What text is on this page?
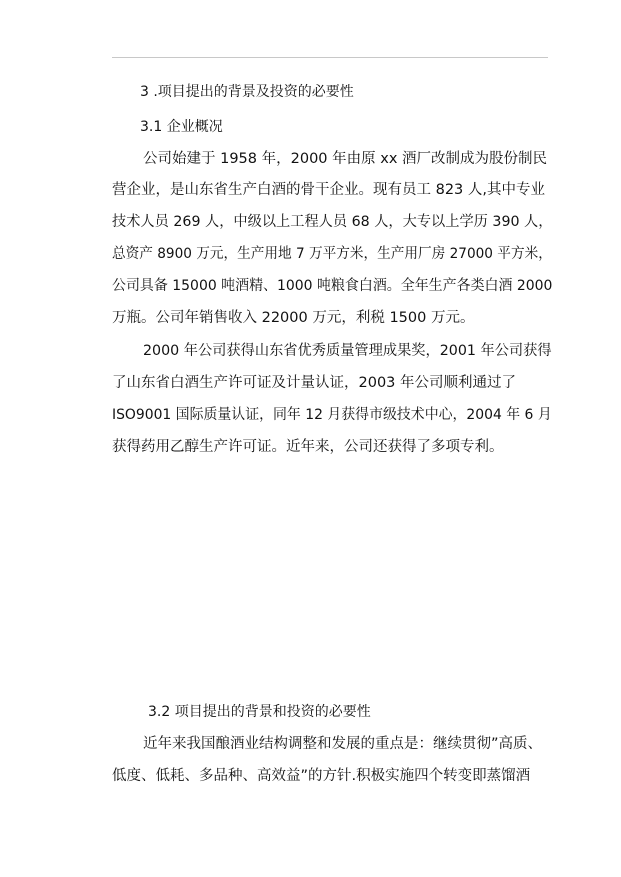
3 .项目提出的背景及投资的必要性
3.1 企业概况
公司始建于 1958 年，2000 年由原 xx 酒厂改制成为股份制民
营企业，是山东省生产白酒的骨干企业。现有员工 823 人,其中专业
技术人员 269 人，中级以上工程人员 68 人，大专以上学历 390 人，
总资产 8900 万元，生产用地 7 万平方米，生产用厂房 27000 平方米，
公司具备 15000 吨酒精、1000 吨粮食白酒。全年生产各类白酒 2000
万瓶。公司年销售收入 22000 万元，利税 1500 万元。
2000 年公司获得山东省优秀质量管理成果奖，2001 年公司获得
了山东省白酒生产许可证及计量认证，2003 年公司顺利通过了
ISO9001 国际质量认证，同年 12 月获得市级技术中心，2004 年 6 月
获得药用乙醇生产许可证。近年来，公司还获得了多项专利。
3.2 项目提出的背景和投资的必要性
近年来我国酿酒业结构调整和发展的重点是：继续贯彻”高质、
低度、低耗、多品种、高效益”的方针.积极实施四个转变即蒸馏酒
